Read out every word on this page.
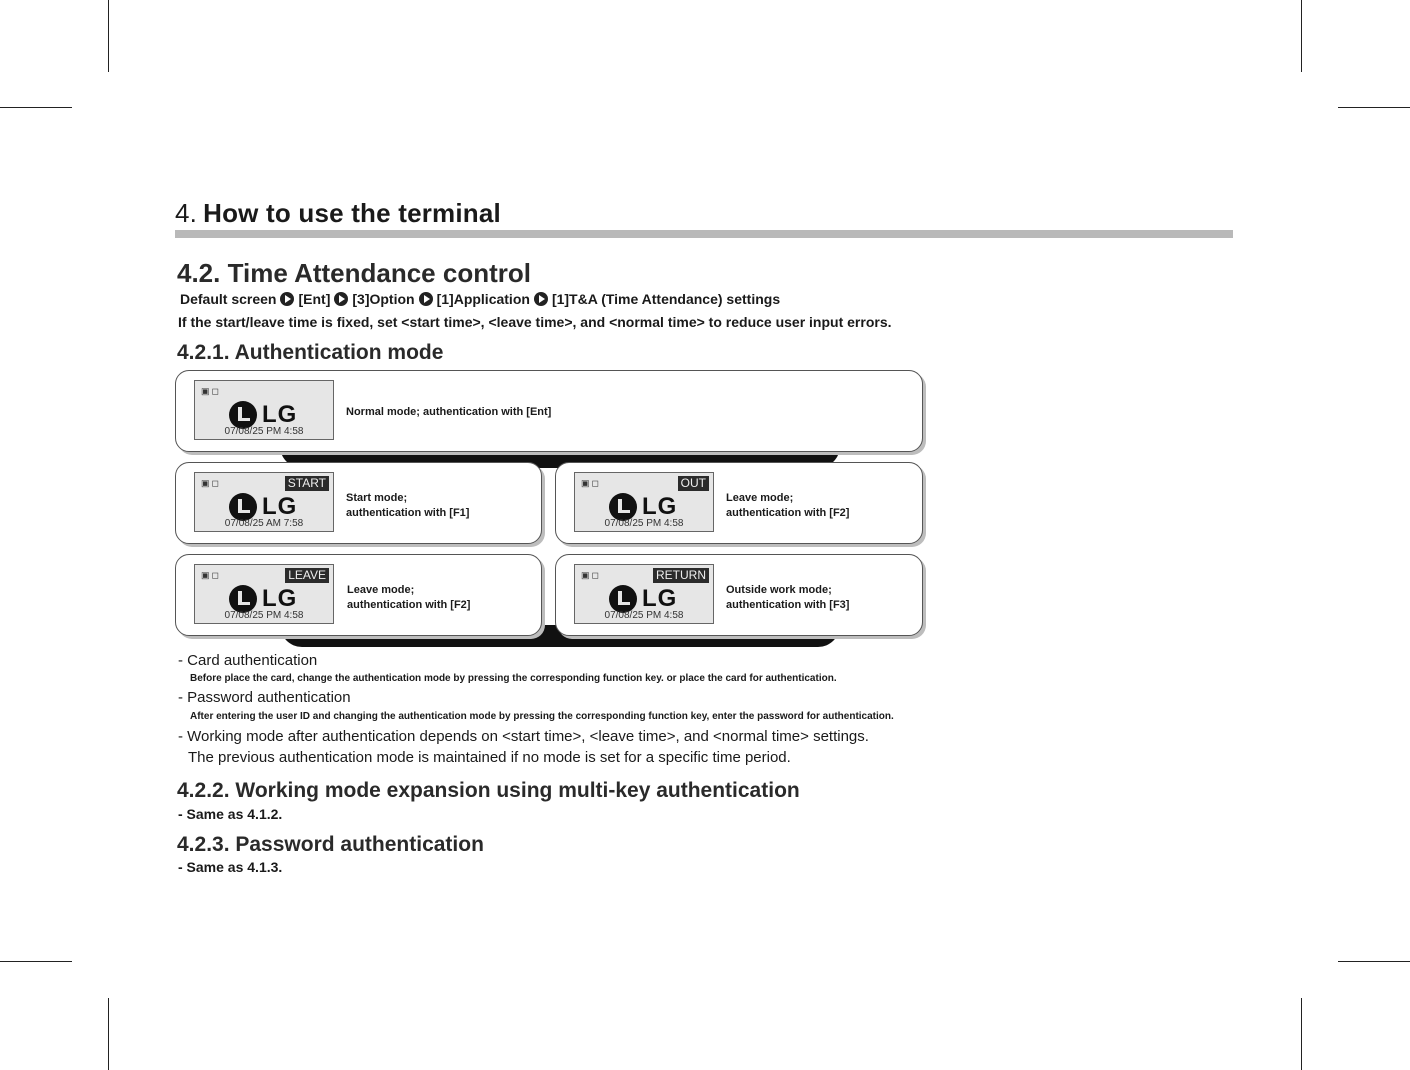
4. How to use the terminal
4.2. Time Attendance control
Default screen [Ent] [3]Option [1]Application [1]T&A (Time Attendance) settings
If the start/leave time is fixed, set <start time>, <leave time>, and <normal time> to reduce user input errors.
4.2.1. Authentication mode
▣◻
LG
07/08/25 PM 4:58
Normal mode; authentication with [Ent]
▣◻	START
LG
07/08/25 AM 7:58
Start mode;
authentication with [F1]
▣◻	OUT
LG
07/08/25 PM 4:58
Leave mode;
authentication with [F2]
▣◻	LEAVE
LG
07/08/25 PM 4:58
Leave mode;
authentication with [F2]
▣◻	RETURN
LG
07/08/25 PM 4:58
Outside work mode;
authentication with [F3]
- Card authentication
Before place the card, change the authentication mode by pressing the corresponding function key. or place the card for authentication.
- Password authentication
After entering the user ID and changing the authentication mode by pressing the corresponding function key, enter the password for authentication.
- Working mode after authentication depends on <start time>, <leave time>, and <normal time> settings.
The previous authentication mode is maintained if no mode is set for a specific time period.
4.2.2. Working mode expansion using multi-key authentication
- Same as 4.1.2.
4.2.3. Password authentication
- Same as 4.1.3.
